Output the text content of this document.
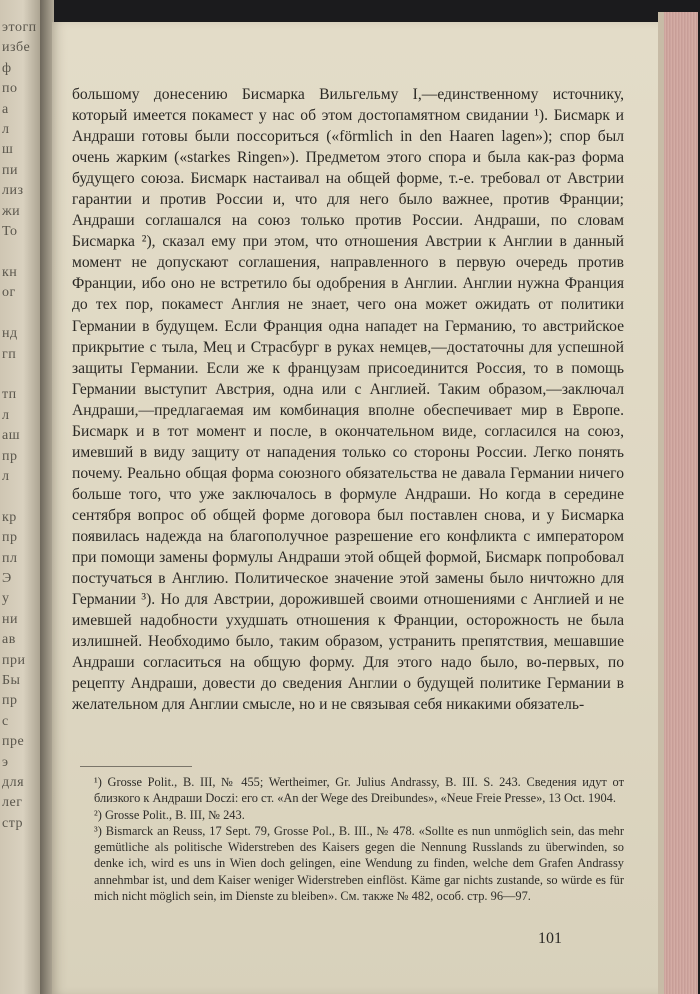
этогп
избе
ф
по
а
л
ш
пи
лиз
жи
То

кн
ог

нд
гп

тп
л
аш
пр
л

кр
пр
пл
Э
у
ни
ав
при
Бы
пр
с
пре
э
для
лег
стр

большому донесению Бисмарка Вильгельму I,—единственному источнику, который имеется покамест у нас об этом достопамятном свидании ¹). Бисмарк и Андраши готовы были поссориться («förmlich in den Haaren lagen»); спор был очень жарким («starkes Ringen»). Предметом этого спора и была как-раз форма будущего союза. Бисмарк настаивал на общей форме, т.-е. требовал от Австрии гарантии и против России и, что для него было важнее, против Франции; Андраши соглашался на союз только против России. Андраши, по словам Бисмарка ²), сказал ему при этом, что отношения Австрии к Англии в данный момент не допускают соглашения, направленного в первую очередь против Франции, ибо оно не встретило бы одобрения в Англии. Англии нужна Франция до тех пор, покамест Англия не знает, чего она может ожидать от политики Германии в будущем. Если Франция одна нападет на Германию, то австрийское прикрытие с тыла, Мец и Страсбург в руках немцев,—достаточны для успешной защиты Германии. Если же к французам присоединится Россия, то в помощь Германии выступит Австрия, одна или с Англией. Таким образом,—заключал Андраши,—предлагаемая им комбинация вполне обеспечивает мир в Европе. Бисмарк и в тот момент и после, в окончательном виде, согласился на союз, имевший в виду защиту от нападения только со стороны России. Легко понять почему. Реально общая форма союзного обязательства не давала Германии ничего больше того, что уже заключалось в формуле Андраши. Но когда в середине сентября вопрос об общей форме договора был поставлен снова, и у Бисмарка появилась надежда на благополучное разрешение его конфликта с императором при помощи замены формулы Андраши этой общей формой, Бисмарк попробовал постучаться в Англию. Политическое значение этой замены было ничтожно для Германии ³). Но для Австрии, дорожившей своими отношениями с Англией и не имевшей надобности ухудшать отношения к Франции, осторожность не была излишней. Необходимо было, таким образом, устранить препятствия, мешавшие Андраши согласиться на общую форму. Для этого надо было, во-первых, по рецепту Андраши, довести до сведения Англии о будущей политике Германии в желательном для Англии смысле, но и не связывая себя никакими обязатель-

¹) Grosse Polit., B. III, № 455; Wertheimer, Gr. Julius Andrassy, B. III. S. 243. Сведения идут от близкого к Андраши Doczi: его ст. «An der Wege des Dreibundes», «Neue Freie Presse», 13 Oct. 1904.

²) Grosse Polit., B. III, № 243.

³) Bismarck an Reuss, 17 Sept. 79, Grosse Pol., B. III., № 478. «Sollte es nun unmöglich sein, das mehr gemütliche als politische Widerstreben des Kaisers gegen die Nennung Russlands zu überwinden, so denke ich, wird es uns in Wien doch gelingen, eine Wendung zu finden, welche dem Grafen Andrassy annehmbar ist, und dem Kaiser weniger Widerstreben einflöst. Käme gar nichts zustande, so würde es für mich nicht möglich sein, im Dienste zu bleiben». См. также № 482, особ. стр. 96—97.

101
